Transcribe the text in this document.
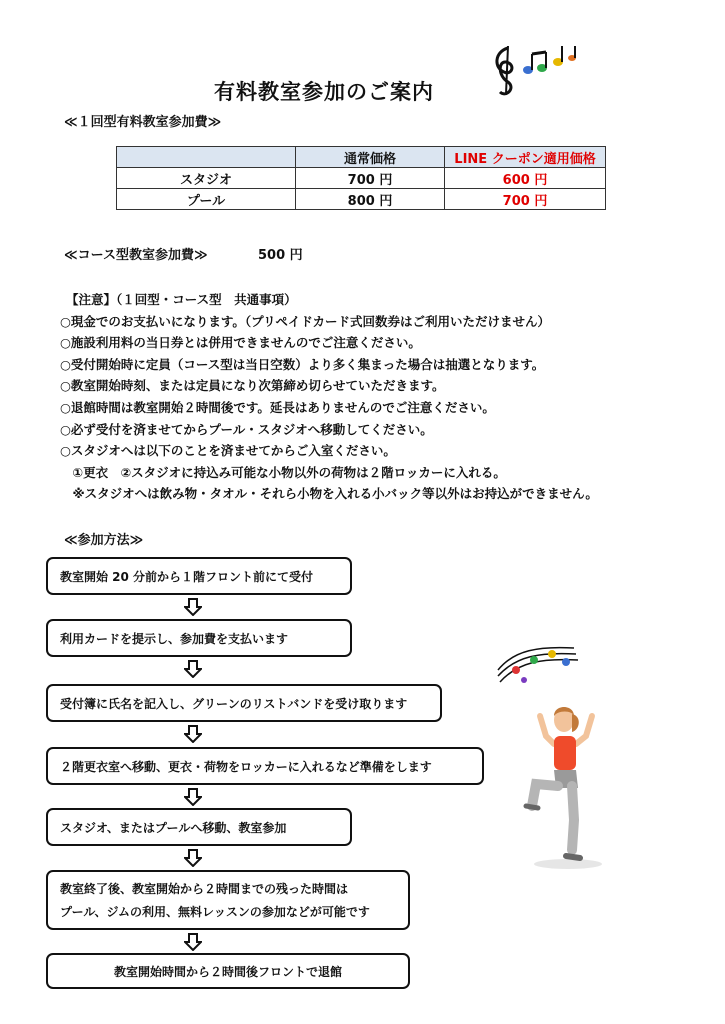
有料教室参加のご案内
≪１回型有料教室参加費≫
	通常価格	LINE クーポン適用価格
スタジオ	700 円	600 円
プール	800 円	700 円
≪コース型教室参加費≫	500 円
【注意】（１回型・コース型　共通事項）
○現金でのお支払いになります。（プリペイドカード式回数券はご利用いただけません）
○施設利用料の当日券とは併用できませんのでご注意ください。
○受付開始時に定員（コース型は当日空数）より多く集まった場合は抽選となります。
○教室開始時刻、または定員になり次第締め切らせていただきます。
○退館時間は教室開始２時間後です。延長はありませんのでご注意ください。
○必ず受付を済ませてからプール・スタジオへ移動してください。
○スタジオへは以下のことを済ませてからご入室ください。
　①更衣　②スタジオに持込み可能な小物以外の荷物は２階ロッカーに入れる。
　※スタジオへは飲み物・タオル・それら小物を入れる小バック等以外はお持込ができません。
≪参加方法≫
教室開始 20 分前から１階フロント前にて受付
利用カードを提示し、参加費を支払います
受付簿に氏名を記入し、グリーンのリストバンドを受け取ります
２階更衣室へ移動、更衣・荷物をロッカーに入れるなど準備をします
スタジオ、またはプールへ移動、教室参加
教室終了後、教室開始から２時間までの残った時間は
プール、ジムの利用、無料レッスンの参加などが可能です
教室開始時間から２時間後フロントで退館
